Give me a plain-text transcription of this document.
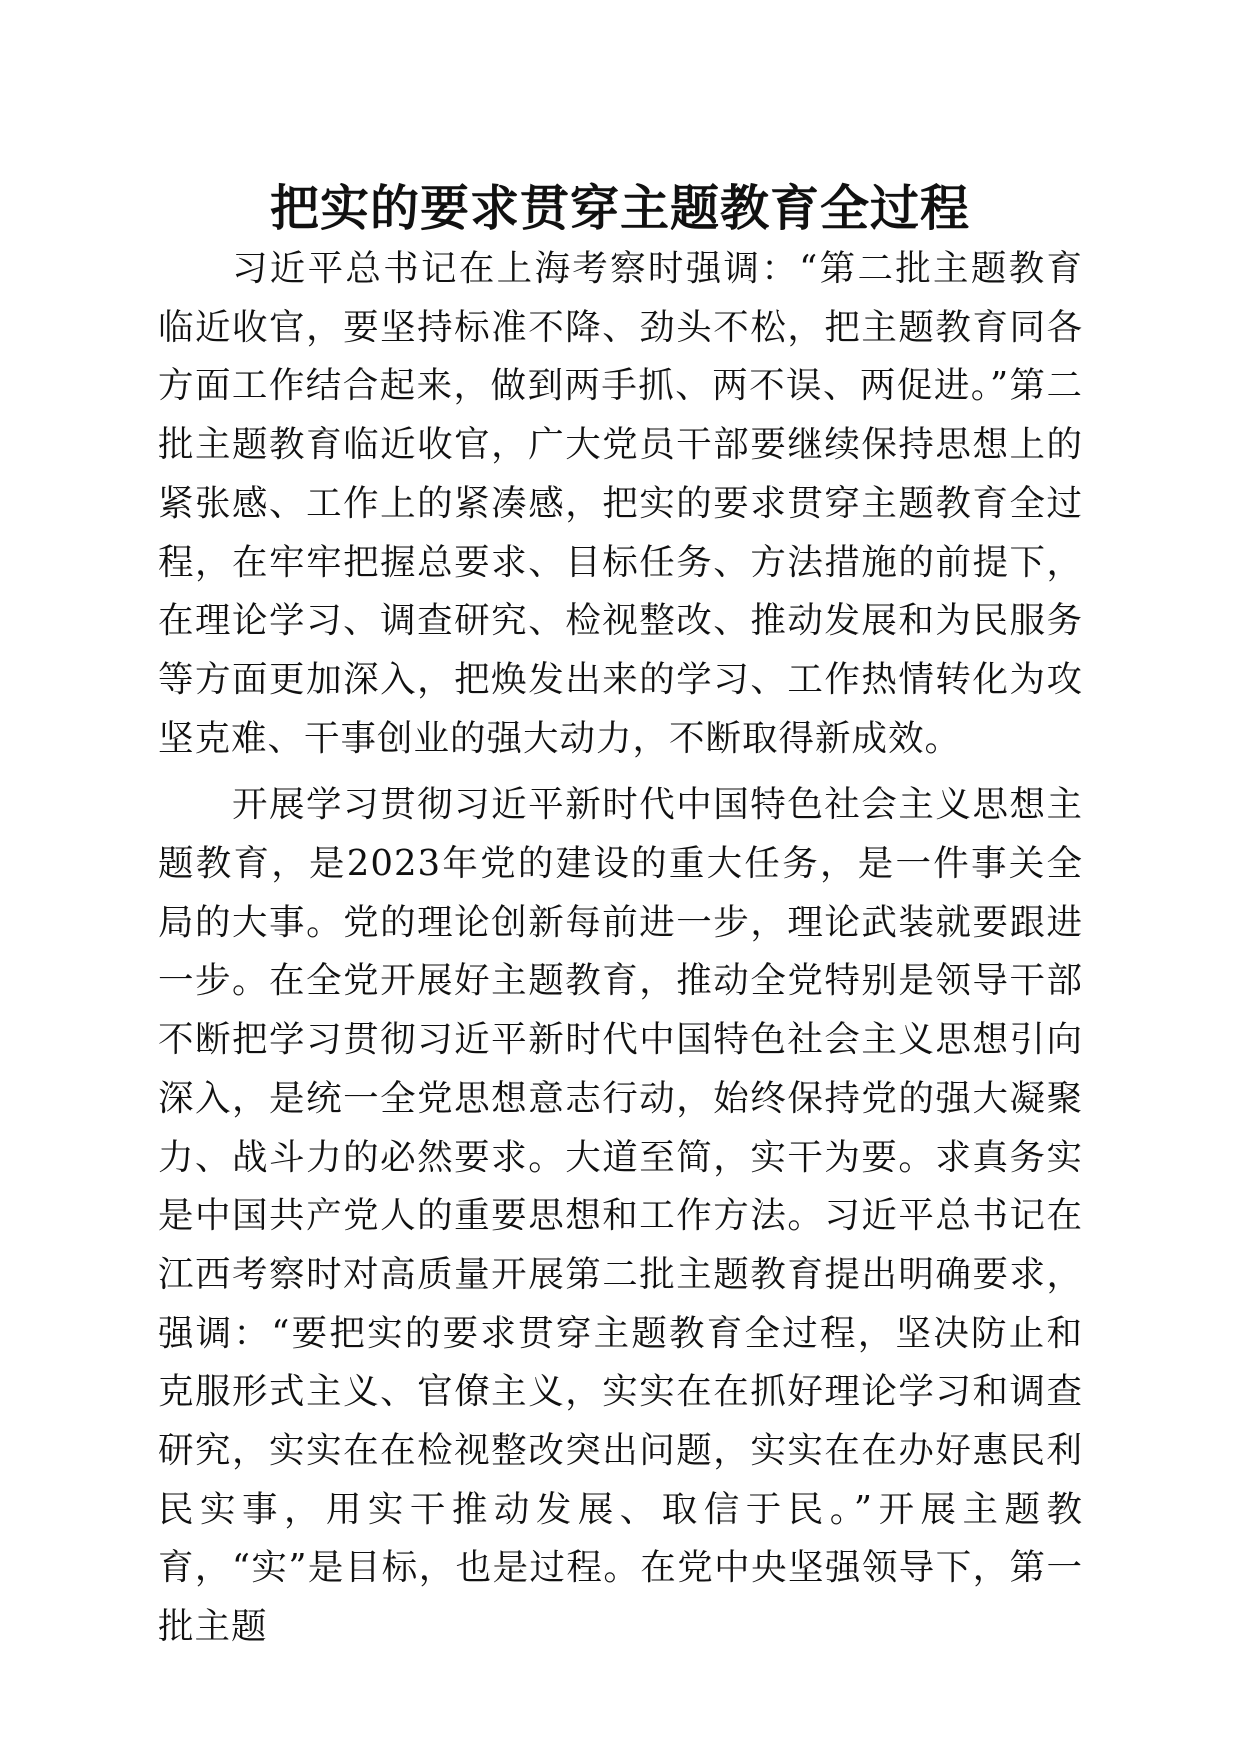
把实的要求贯穿主题教育全过程

习近平总书记在上海考察时强调：“第二批主题教育临近收官，要坚持标准不降、劲头不松，把主题教育同各方面工作结合起来，做到两手抓、两不误、两促进。”第二批主题教育临近收官，广大党员干部要继续保持思想上的紧张感、工作上的紧凑感，把实的要求贯穿主题教育全过程，在牢牢把握总要求、目标任务、方法措施的前提下，在理论学习、调查研究、检视整改、推动发展和为民服务等方面更加深入，把焕发出来的学习、工作热情转化为攻坚克难、干事创业的强大动力，不断取得新成效。

开展学习贯彻习近平新时代中国特色社会主义思想主题教育，是2023年党的建设的重大任务，是一件事关全局的大事。党的理论创新每前进一步，理论武装就要跟进一步。在全党开展好主题教育，推动全党特别是领导干部不断把学习贯彻习近平新时代中国特色社会主义思想引向深入，是统一全党思想意志行动，始终保持党的强大凝聚力、战斗力的必然要求。大道至简，实干为要。求真务实是中国共产党人的重要思想和工作方法。习近平总书记在江西考察时对高质量开展第二批主题教育提出明确要求，强调：“要把实的要求贯穿主题教育全过程，坚决防止和克服形式主义、官僚主义，实实在在抓好理论学习和调查研究，实实在在检视整改突出问题，实实在在办好惠民利民实事，用实干推动发展、取信于民。”开展主题教育，“实”是目标，也是过程。在党中央坚强领导下，第一批主题
